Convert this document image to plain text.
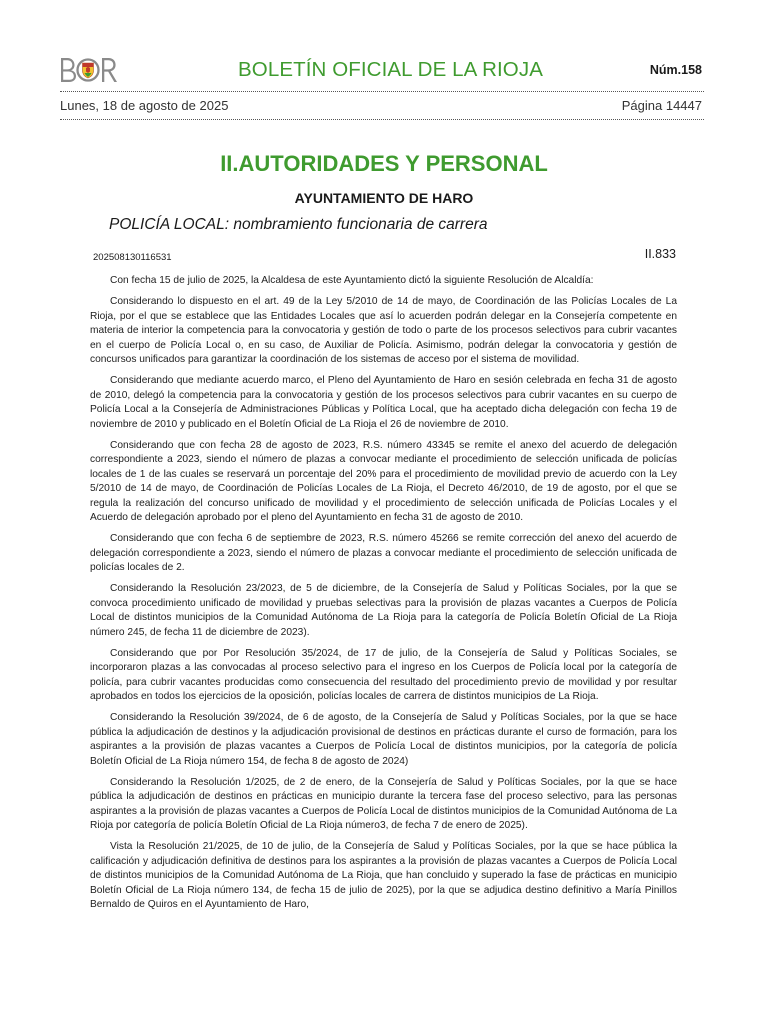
BOLETÍN OFICIAL DE LA RIOJA	Núm.158
Lunes, 18 de agosto de 2025	Página 14447
II.AUTORIDADES Y PERSONAL
AYUNTAMIENTO DE HARO
POLICÍA LOCAL: nombramiento funcionaria de carrera
202508130116531	II.833

Con fecha 15 de julio de 2025, la Alcaldesa de este Ayuntamiento dictó la siguiente Resolución de Alcaldía:

Considerando lo dispuesto en el art. 49 de la Ley 5/2010 de 14 de mayo, de Coordinación de las Policías Locales de La Rioja, por el que se establece que las Entidades Locales que así lo acuerden podrán delegar en la Consejería competente en materia de interior la competencia para la convocatoria y gestión de todo o parte de los procesos selectivos para cubrir vacantes en el cuerpo de Policía Local o, en su caso, de Auxiliar de Policía. Asimismo, podrán delegar la convocatoria y gestión de concursos unificados para garantizar la coordinación de los sistemas de acceso por el sistema de movilidad.

Considerando que mediante acuerdo marco, el Pleno del Ayuntamiento de Haro en sesión celebrada en fecha 31 de agosto de 2010, delegó la competencia para la convocatoria y gestión de los procesos selectivos para cubrir vacantes en su cuerpo de Policía Local a la Consejería de Administraciones Públicas y Política Local, que ha aceptado dicha delegación con fecha 19 de noviembre de 2010 y publicado en el Boletín Oficial de La Rioja el 26 de noviembre de 2010.

Considerando que con fecha 28 de agosto de 2023, R.S. número 43345 se remite el anexo del acuerdo de delegación correspondiente a 2023, siendo el número de plazas a convocar mediante el procedimiento de selección unificada de policías locales de 1 de las cuales se reservará un porcentaje del 20% para el procedimiento de movilidad previo de acuerdo con la Ley 5/2010 de 14 de mayo, de Coordinación de Policías Locales de La Rioja, el Decreto 46/2010, de 19 de agosto, por el que se regula la realización del concurso unificado de movilidad y el procedimiento de selección unificada de Policías Locales y el Acuerdo de delegación aprobado por el pleno del Ayuntamiento en fecha 31 de agosto de 2010.

Considerando que con fecha 6 de septiembre de 2023, R.S. número 45266 se remite corrección del anexo del acuerdo de delegación correspondiente a 2023, siendo el número de plazas a convocar mediante el procedimiento de selección unificada de policías locales de 2.

Considerando la Resolución 23/2023, de 5 de diciembre, de la Consejería de Salud y Políticas Sociales, por la que se convoca procedimiento unificado de movilidad y pruebas selectivas para la provisión de plazas vacantes a Cuerpos de Policía Local de distintos municipios de la Comunidad Autónoma de La Rioja para la categoría de Policía Boletín Oficial de La Rioja número 245, de fecha 11 de diciembre de 2023).

Considerando que por Por Resolución 35/2024, de 17 de julio, de la Consejería de Salud y Políticas Sociales, se incorporaron plazas a las convocadas al proceso selectivo para el ingreso en los Cuerpos de Policía local por la categoría de policía, para cubrir vacantes producidas como consecuencia del resultado del procedimiento previo de movilidad y por resultar aprobados en todos los ejercicios de la oposición, policías locales de carrera de distintos municipios de La Rioja.

Considerando la Resolución 39/2024, de 6 de agosto, de la Consejería de Salud y Políticas Sociales, por la que se hace pública la adjudicación de destinos y la adjudicación provisional de destinos en prácticas durante el curso de formación, para los aspirantes a la provisión de plazas vacantes a Cuerpos de Policía Local de distintos municipios, por la categoría de policía Boletín Oficial de La Rioja número 154, de fecha 8 de agosto de 2024)

Considerando la Resolución 1/2025, de 2 de enero, de la Consejería de Salud y Políticas Sociales, por la que se hace pública la adjudicación de destinos en prácticas en municipio durante la tercera fase del proceso selectivo, para las personas aspirantes a la provisión de plazas vacantes a Cuerpos de Policía Local de distintos municipios de la Comunidad Autónoma de La Rioja por categoría de policía Boletín Oficial de La Rioja número3, de fecha 7 de enero de 2025).

Vista la Resolución 21/2025, de 10 de julio, de la Consejería de Salud y Políticas Sociales, por la que se hace pública la calificación y adjudicación definitiva de destinos para los aspirantes a la provisión de plazas vacantes a Cuerpos de Policía Local de distintos municipios de la Comunidad Autónoma de La Rioja, que han concluido y superado la fase de prácticas en municipio Boletín Oficial de La Rioja número 134, de fecha 15 de julio de 2025), por la que se adjudica destino definitivo a María Pinillos Bernaldo de Quiros en el Ayuntamiento de Haro,
